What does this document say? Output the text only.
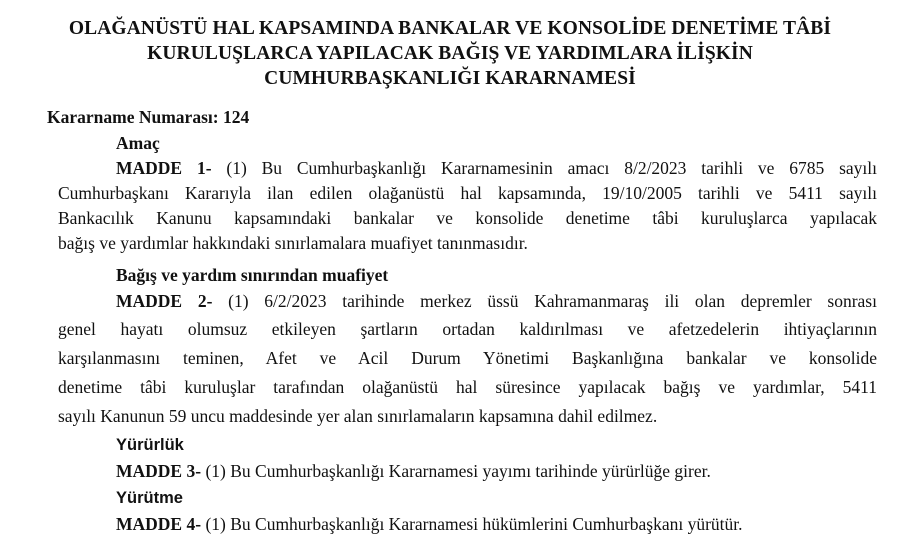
OLAĞANÜSTÜ HAL KAPSAMINDA BANKALAR VE KONSOLİDE DENETİME TÂBİ
KURULUŞLARCA YAPILACAK BAĞIŞ VE YARDIMLARA İLİŞKİN
CUMHURBAŞKANLIĞI KARARNAMESİ
Kararname Numarası: 124
Amaç
MADDE 1- (1) Bu Cumhurbaşkanlığı Kararnamesinin amacı 8/2/2023 tarihli ve 6785 sayılı
Cumhurbaşkanı Kararıyla ilan edilen olağanüstü hal kapsamında, 19/10/2005 tarihli ve 5411 sayılı
Bankacılık Kanunu kapsamındaki bankalar ve konsolide denetime tâbi kuruluşlarca yapılacak
bağış ve yardımlar hakkındaki sınırlamalara muafiyet tanınmasıdır.
Bağış ve yardım sınırından muafiyet
MADDE 2- (1) 6/2/2023 tarihinde merkez üssü Kahramanmaraş ili olan depremler sonrası
genel hayatı olumsuz etkileyen şartların ortadan kaldırılması ve afetzedelerin ihtiyaçlarının
karşılanmasını teminen, Afet ve Acil Durum Yönetimi Başkanlığına bankalar ve konsolide
denetime tâbi kuruluşlar tarafından olağanüstü hal süresince yapılacak bağış ve yardımlar, 5411
sayılı Kanunun 59 uncu maddesinde yer alan sınırlamaların kapsamına dahil edilmez.
Yürürlük
MADDE 3- (1) Bu Cumhurbaşkanlığı Kararnamesi yayımı tarihinde yürürlüğe girer.
Yürütme
MADDE 4- (1) Bu Cumhurbaşkanlığı Kararnamesi hükümlerini Cumhurbaşkanı yürütür.
